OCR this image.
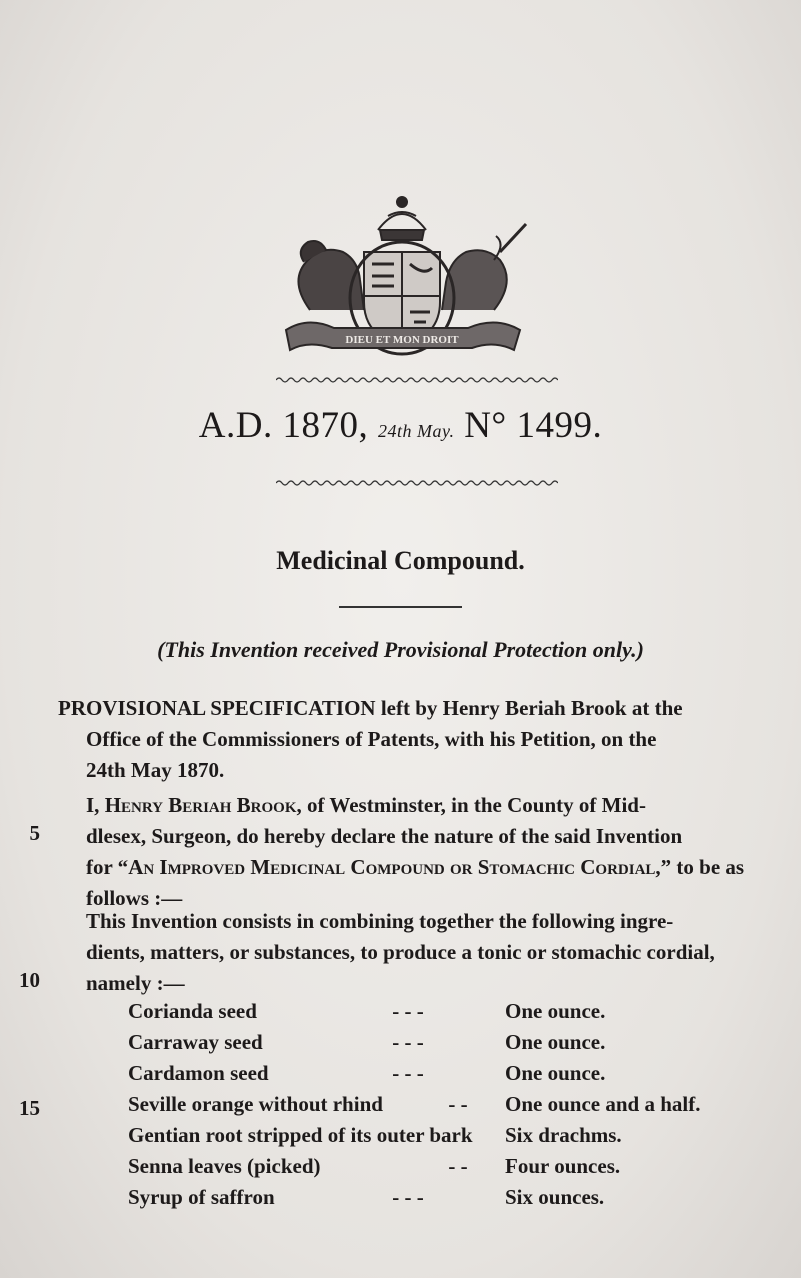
DIEU ET MON DROIT
A.D. 1870, 24th May. N° 1499.
Medicinal Compound.
(This Invention received Provisional Protection only.)
PROVISIONAL SPECIFICATION left by Henry Beriah Brook at the
Office of the Commissioners of Patents, with his Petition, on the
24th May 1870.
I, Henry Beriah Brook, of Westminster, in the County of Mid-
dlesex, Surgeon, do hereby declare the nature of the said Invention
for “An Improved Medicinal Compound or Stomachic Cordial,” to be as
follows :—
This Invention consists in combining together the following ingre-
dients, matters, or substances, to produce a tonic or stomachic cordial,
namely :—
5
10
15
Corianda seed	- - -	One ounce.
Carraway seed	- - -	One ounce.
Cardamon seed	- - -	One ounce.
Seville orange without rhind	- -	One ounce and a half.
Gentian root stripped of its outer bark Six drachms.
Senna leaves (picked)	- -	Four ounces.
Syrup of saffron	- - -	Six ounces.
